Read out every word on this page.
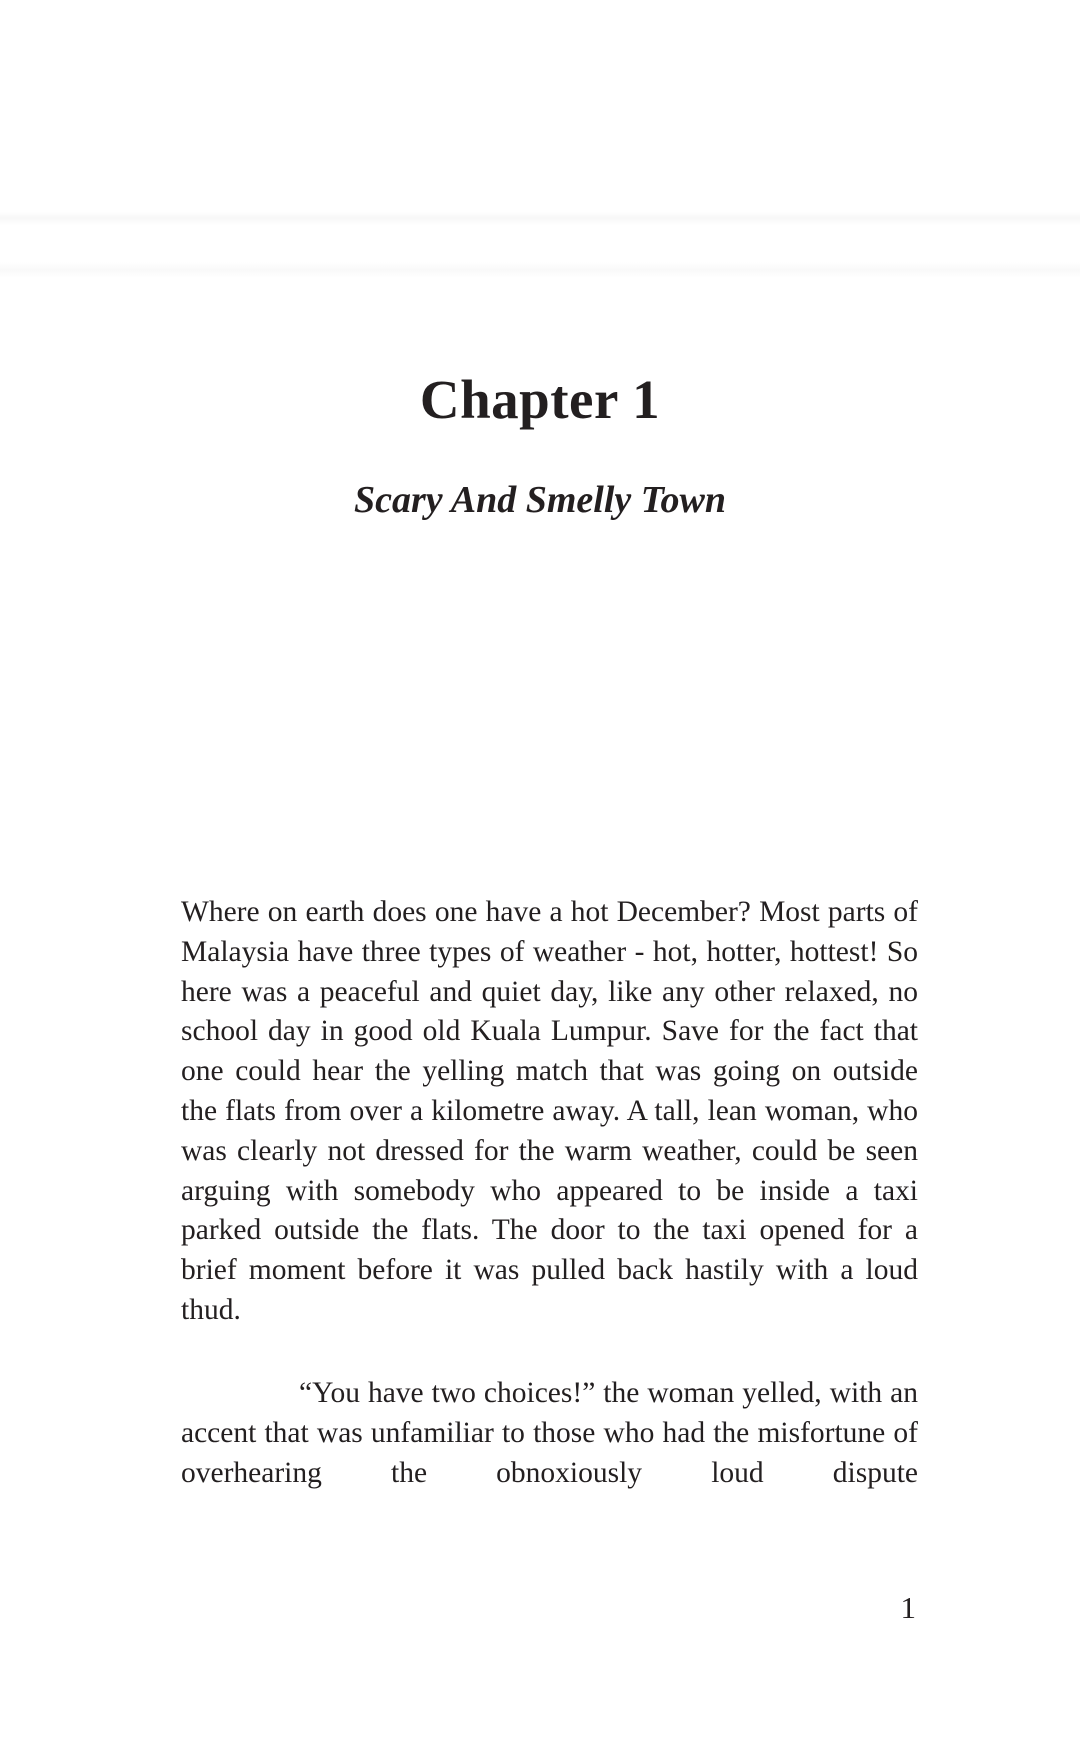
Chapter 1
Scary And Smelly Town

Where on earth does one have a hot December? Most parts of Malaysia have three types of weather - hot, hotter, hottest! So here was a peaceful and quiet day, like any other relaxed, no school day in good old Kuala Lumpur. Save for the fact that one could hear the yelling match that was going on outside the flats from over a kilometre away. A tall, lean woman, who was clearly not dressed for the warm weather, could be seen arguing with somebody who appeared to be inside a taxi parked outside the flats. The door to the taxi opened for a brief moment before it was pulled back hastily with a loud thud.

“You have two choices!” the woman yelled, with an accent that was unfamiliar to those who had the misfortune of overhearing the obnoxiously loud dispute

1
